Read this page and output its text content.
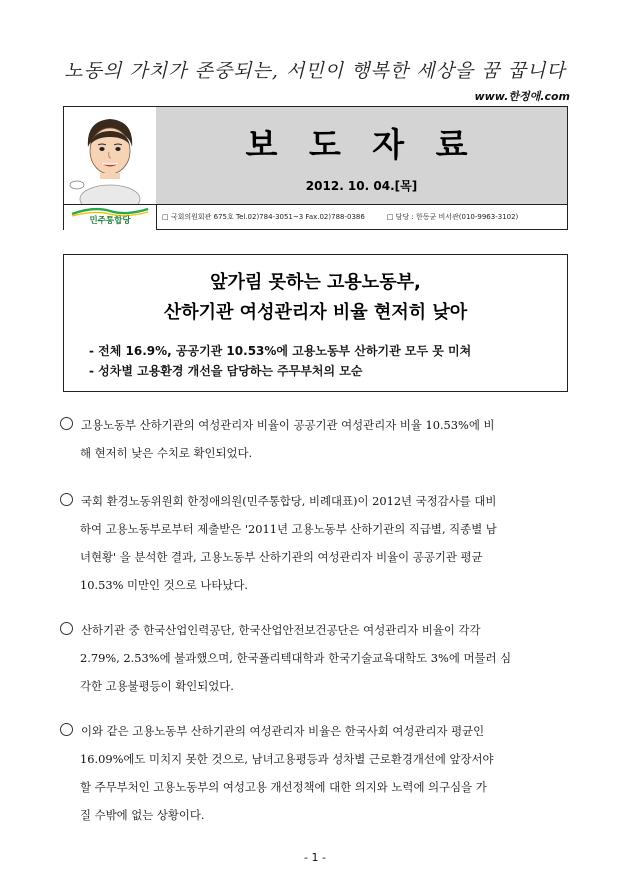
노동의 가치가 존중되는, 서민이 행복한 세상을 꿈 꿉니다
www.한정애.com
민주통합당
보 도 자 료
2012. 10. 04.[목]
□ 국회의원회관 675호 Tel.02)784-3051~3 Fax.02)788-0386	□ 담당 : 한동균 비서관(010-9963-3102)
앞가림 못하는 고용노동부,
산하기관 여성관리자 비율 현저히 낮아
- 전체 16.9%, 공공기관 10.53%에 고용노동부 산하기관 모두 못 미쳐
- 성차별 고용환경 개선을 담당하는 주무부처의 모순
고용노동부 산하기관의 여성관리자 비율이 공공기관 여성관리자 비율 10.53%에 비
해 현저히 낮은 수치로 확인되었다.
국회 환경노동위원회 한정애의원(민주통합당, 비례대표)이 2012년 국정감사를 대비
하여 고용노동부로부터 제출받은 '2011년 고용노동부 산하기관의 직급별, 직종별 남
녀현황' 을 분석한 결과, 고용노동부 산하기관의 여성관리자 비율이 공공기관 평균
10.53% 미만인 것으로 나타났다.
산하기관 중 한국산업인력공단, 한국산업안전보건공단은 여성관리자 비율이 각각
2.79%, 2.53%에 불과했으며, 한국폴리텍대학과 한국기술교육대학도 3%에 머물러 심
각한 고용불평등이 확인되었다.
이와 같은 고용노동부 산하기관의 여성관리자 비율은 한국사회 여성관리자 평균인
16.09%에도 미치지 못한 것으로, 남녀고용평등과 성차별 근로환경개선에 앞장서야
할 주무부처인 고용노동부의 여성고용 개선정책에 대한 의지와 노력에 의구심을 가
질 수밖에 없는 상황이다.
- 1 -
